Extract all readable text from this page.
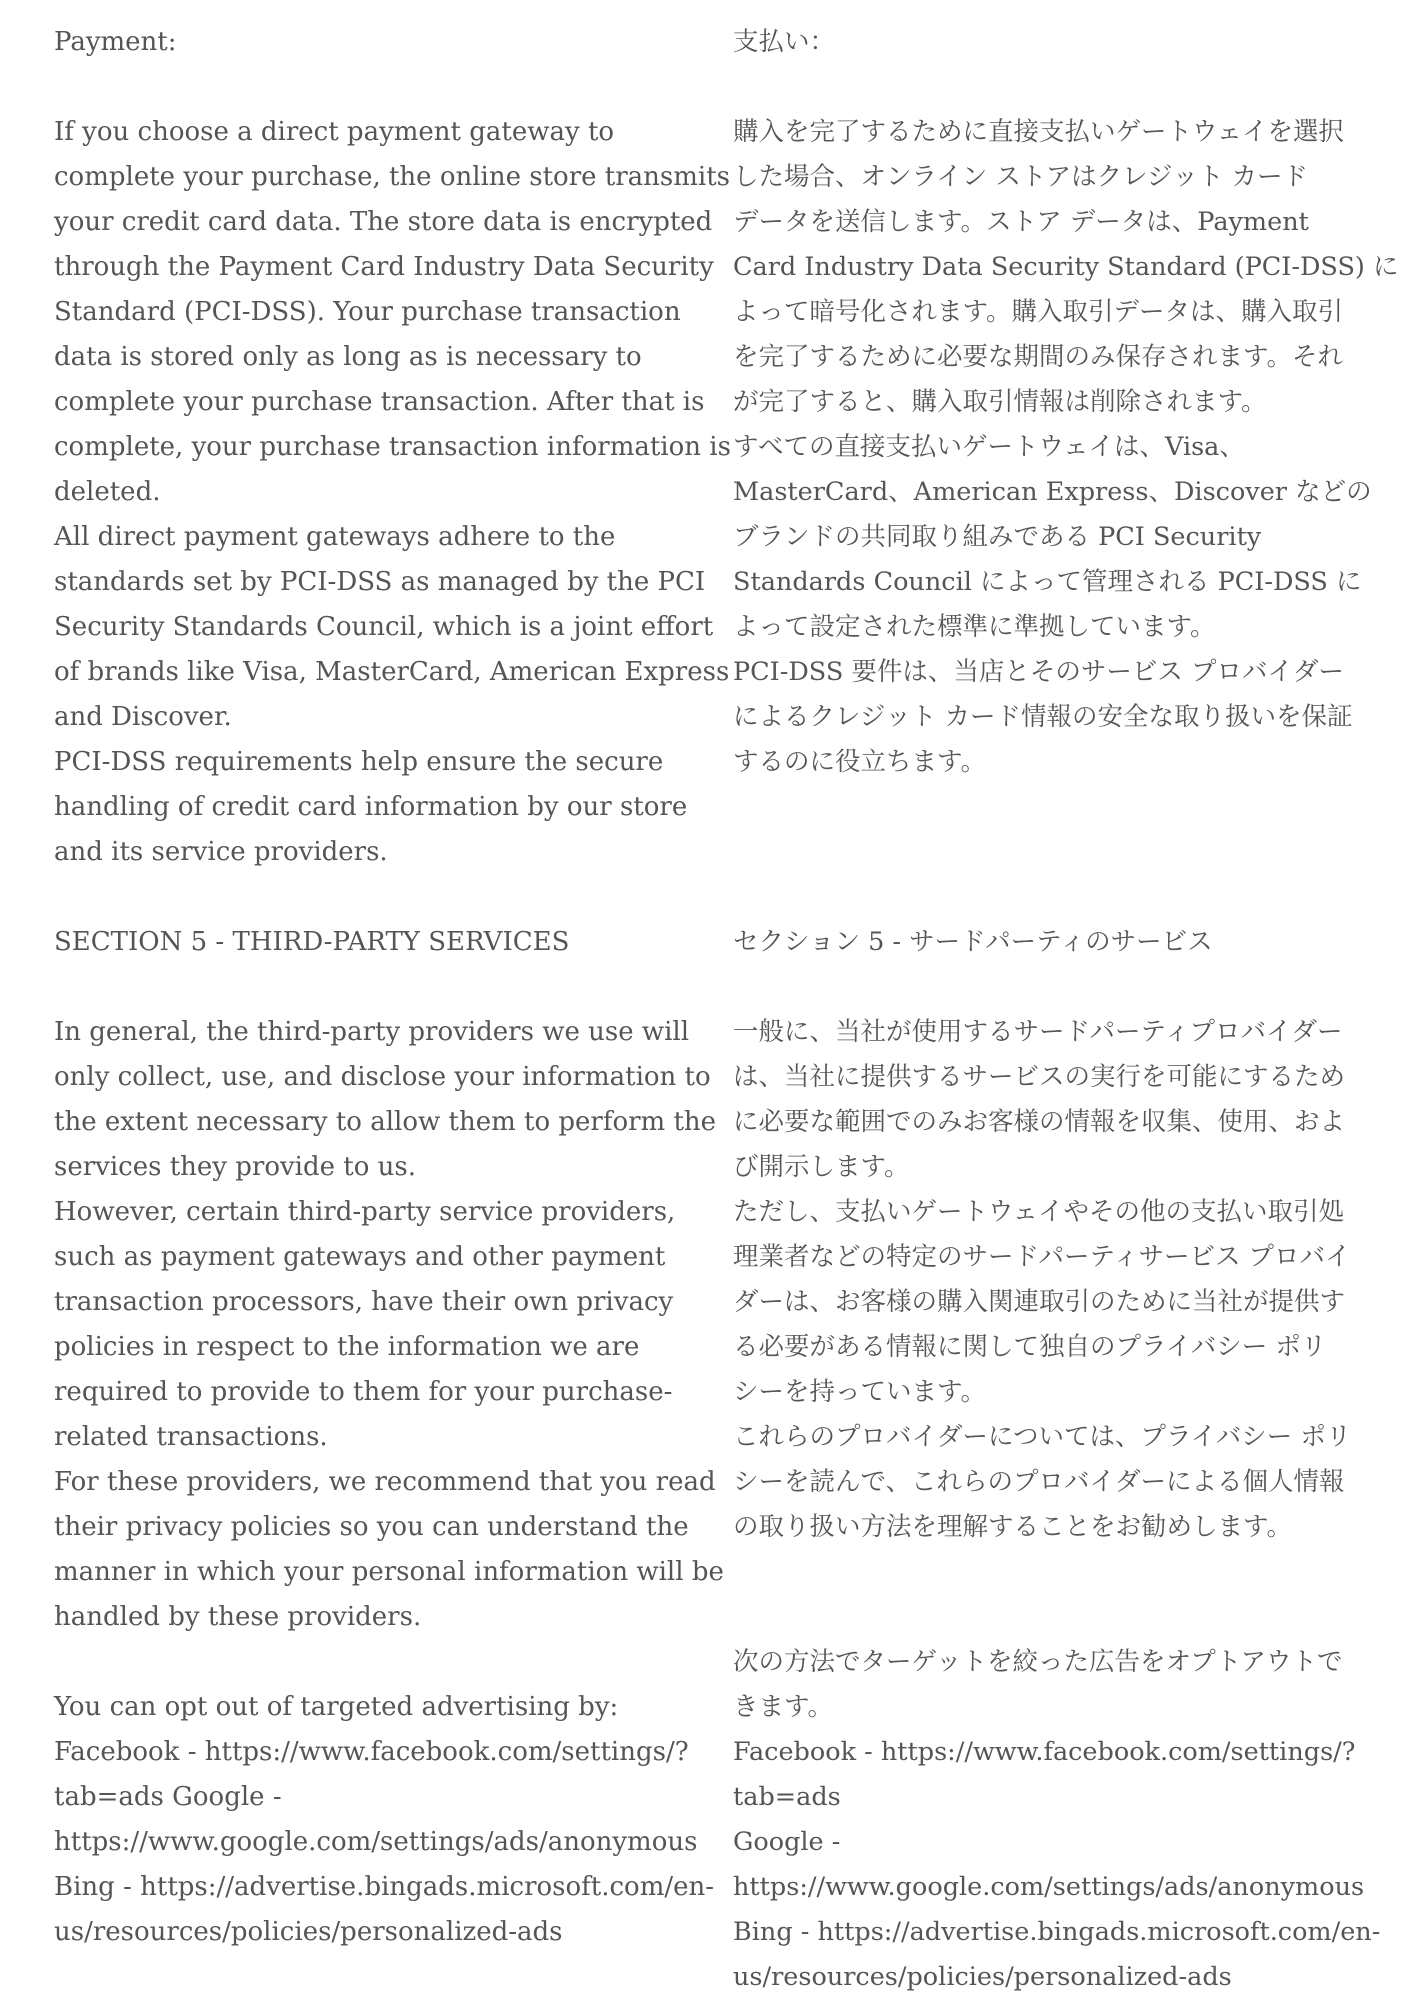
Payment:
If you choose a direct payment gateway to
complete your purchase, the online store transmits
your credit card data. The store data is encrypted
through the Payment Card Industry Data Security
Standard (PCI-DSS). Your purchase transaction
data is stored only as long as is necessary to
complete your purchase transaction. After that is
complete, your purchase transaction information is
deleted.
All direct payment gateways adhere to the
standards set by PCI-DSS as managed by the PCI
Security Standards Council, which is a joint effort
of brands like Visa, MasterCard, American Express
and Discover.
PCI-DSS requirements help ensure the secure
handling of credit card information by our store
and its service providers.
SECTION 5 - THIRD-PARTY SERVICES
In general, the third-party providers we use will
only collect, use, and disclose your information to
the extent necessary to allow them to perform the
services they provide to us.
However, certain third-party service providers,
such as payment gateways and other payment
transaction processors, have their own privacy
policies in respect to the information we are
required to provide to them for your purchase-
related transactions.
For these providers, we recommend that you read
their privacy policies so you can understand the
manner in which your personal information will be
handled by these providers.
You can opt out of targeted advertising by:
Facebook - https://www.facebook.com/settings/?
tab=ads Google -
https://www.google.com/settings/ads/anonymous
Bing - https://advertise.bingads.microsoft.com/en-
us/resources/policies/personalized-ads
支払い：
購入を完了するために直接支払いゲートウェイを選択
した場合、オンライン ストアはクレジット カード
データを送信します。ストア データは、Payment
Card Industry Data Security Standard (PCI-DSS) に
よって暗号化されます。購入取引データは、購入取引
を完了するために必要な期間のみ保存されます。それ
が完了すると、購入取引情報は削除されます。
すべての直接支払いゲートウェイは、Visa、
MasterCard、American Express、Discover などの
ブランドの共同取り組みである PCI Security
Standards Council によって管理される PCI-DSS に
よって設定された標準に準拠しています。
PCI-DSS 要件は、当店とそのサービス プロバイダー
によるクレジット カード情報の安全な取り扱いを保証
するのに役立ちます。
セクション 5 - サードパーティのサービス
一般に、当社が使用するサードパーティプロバイダー
は、当社に提供するサービスの実行を可能にするため
に必要な範囲でのみお客様の情報を収集、使用、およ
び開示します。
ただし、支払いゲートウェイやその他の支払い取引処
理業者などの特定のサードパーティサービス プロバイ
ダーは、お客様の購入関連取引のために当社が提供す
る必要がある情報に関して独自のプライバシー ポリ
シーを持っています。
これらのプロバイダーについては、プライバシー ポリ
シーを読んで、これらのプロバイダーによる個人情報
の取り扱い方法を理解することをお勧めします。
次の方法でターゲットを絞った広告をオプトアウトで
きます。
Facebook - https://www.facebook.com/settings/?
tab=ads
Google -
https://www.google.com/settings/ads/anonymous
Bing - https://advertise.bingads.microsoft.com/en-
us/resources/policies/personalized-ads
